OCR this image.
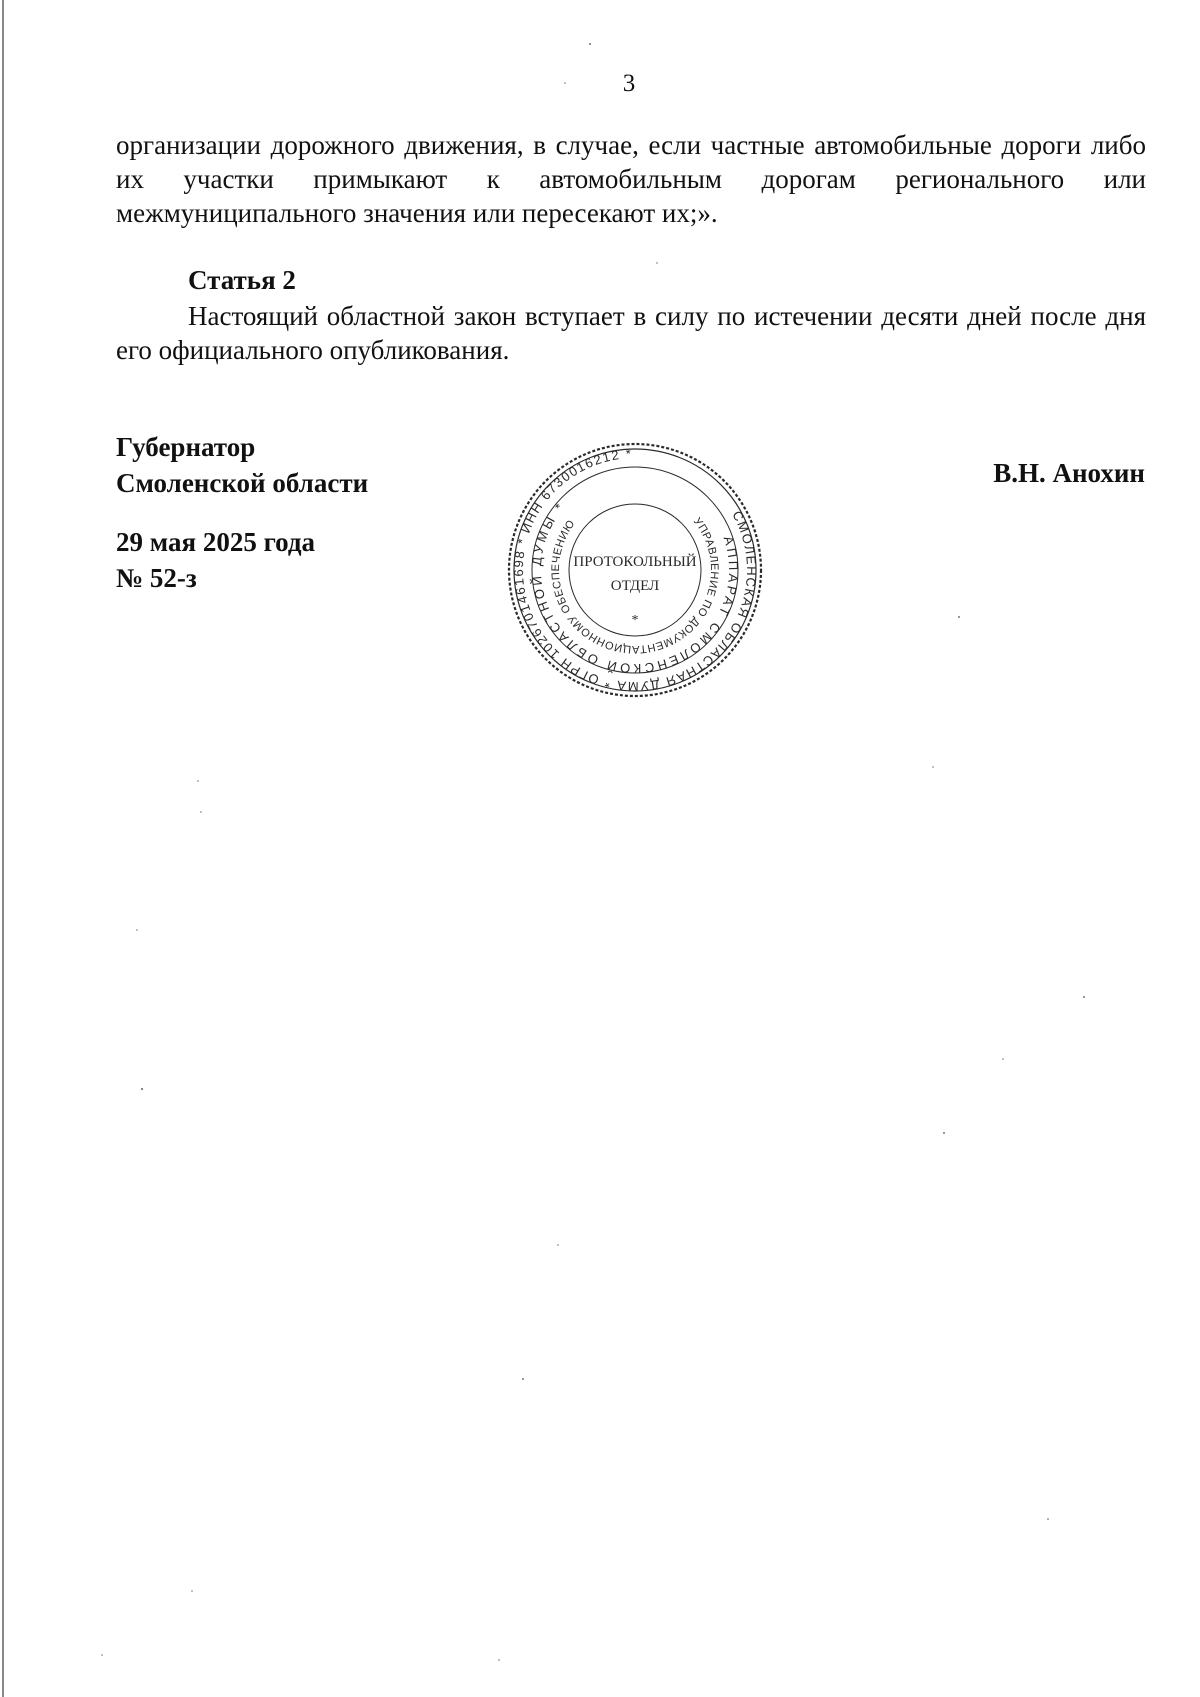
3
организации дорожного движения, в случае, если частные автомобильные дороги либо их участки примыкают к автомобильным дорогам регионального или межмуниципального значения или пересекают их;».
Статья 2
Настоящий областной закон вступает в силу по истечении десяти дней после дня его официального опубликования.
Губернатор
Смоленской области	В.Н. Анохин
29 мая 2025 года
№ 52-з
СМОЛЕНСКАЯ ОБЛАСТНАЯ ДУМА * ОГРН 1026701461698 * ИНН 6730016212 *
АППАРАТ СМОЛЕНСКОЙ ОБЛАСТНОЙ ДУМЫ *
УПРАВЛЕНИЕ ПО ДОКУМЕНТАЦИОННОМУ ОБЕСПЕЧЕНИЮ
ПРОТОКОЛЬНЫЙ
ОТДЕЛ
*
